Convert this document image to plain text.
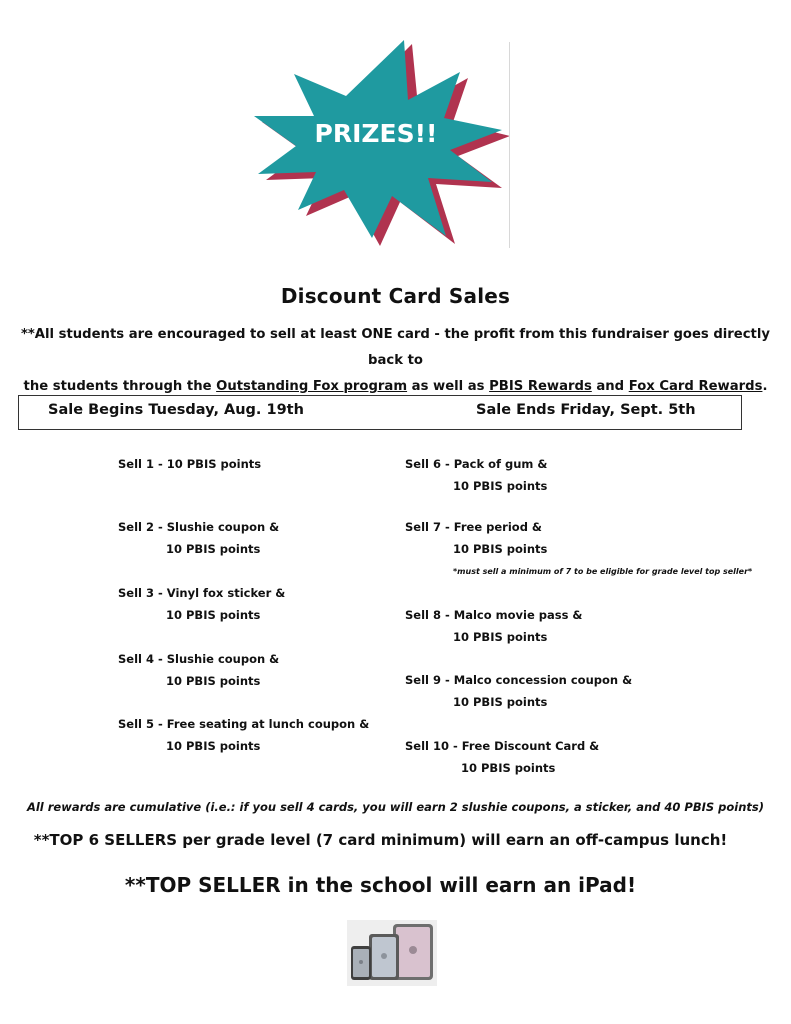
PRIZES!!
Discount Card Sales
**All students are encouraged to sell at least ONE card - the profit from this fundraiser goes directly back to
the students through the Outstanding Fox program as well as PBIS Rewards and Fox Card Rewards.
Sale Begins Tuesday, Aug. 19th	Sale Ends Friday, Sept. 5th
Sell 1 - 10 PBIS points
Sell 2 - Slushie coupon &
10 PBIS points
Sell 3 - Vinyl fox sticker &
10 PBIS points
Sell 4 - Slushie coupon &
10 PBIS points
Sell 5 - Free seating at lunch coupon &
10 PBIS points
Sell 6 - Pack of gum &
10 PBIS points
Sell 7 - Free period &
10 PBIS points
*must sell a minimum of 7 to be eligible for grade level top seller*
Sell 8 - Malco movie pass &
10 PBIS points
Sell 9 - Malco concession coupon &
10 PBIS points
Sell 10 - Free Discount Card &
10 PBIS points
All rewards are cumulative (i.e.: if you sell 4 cards, you will earn 2 slushie coupons, a sticker, and 40 PBIS points)
**TOP 6 SELLERS per grade level (7 card minimum) will earn an off-campus lunch!
**TOP SELLER in the school will earn an iPad!
